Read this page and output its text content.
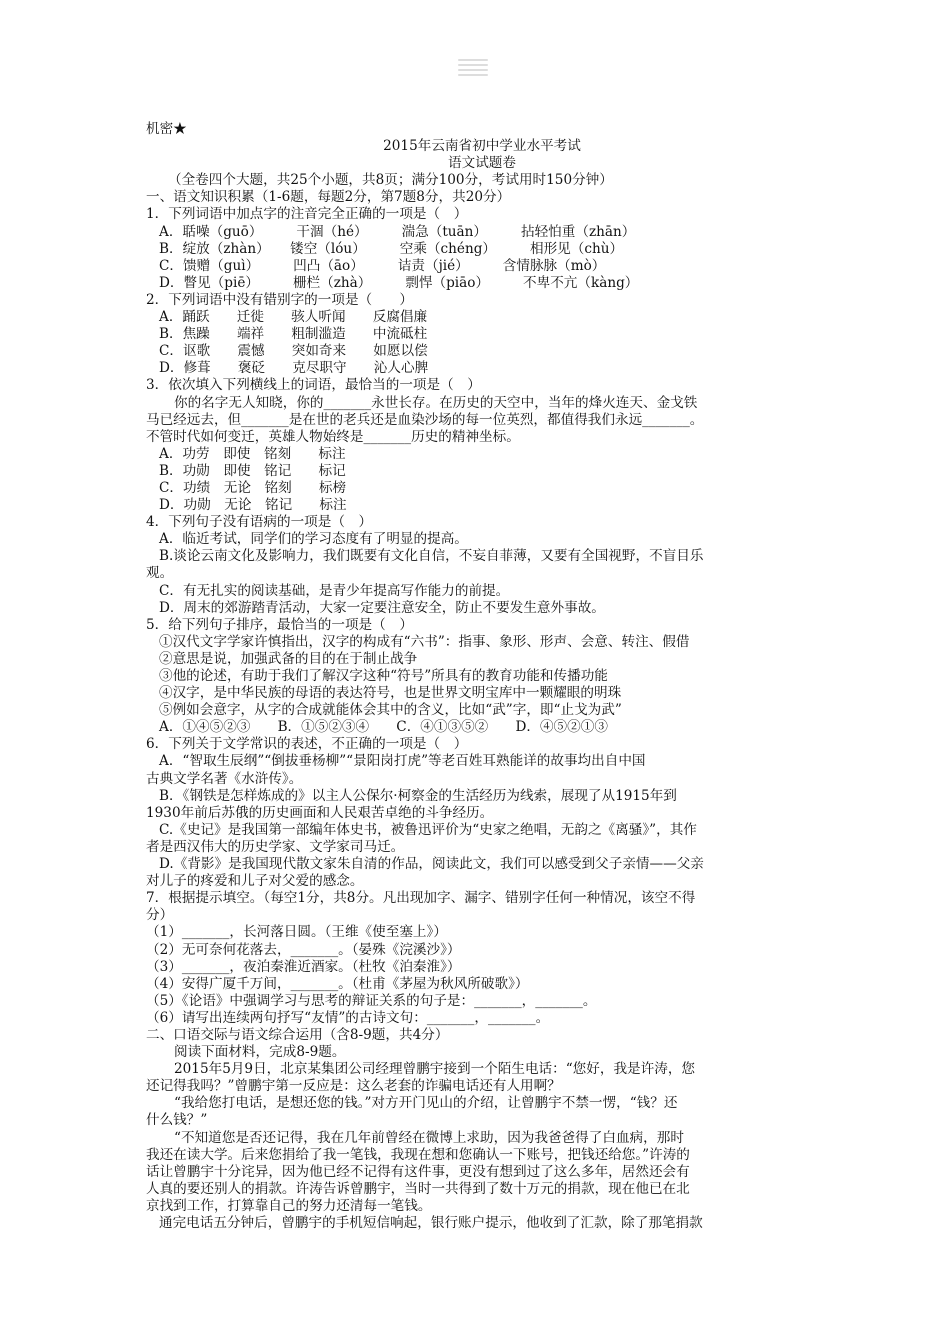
机密★
2015年云南省初中学业水平考试
语文试题卷
（全卷四个大题，共25个小题，共8页；满分100分，考试用时150分钟）
一、语文知识积累（1-6题，每题2分，第7题8分，共20分）
1．下列词语中加点字的注音完全正确的一项是（　）
A．聒噪（guō）　　　干涸（hé）　　　湍急（tuān）　　　拈轻怕重（zhān）
B．绽放（zhàn）　　镂空（lóu）　　　空乘（chéng）　　　相形见（chù）
C．馈赠（guì）　　　凹凸（āo）　　　诘责（jié）　　　含情脉脉（mò）
D．瞥见（piē）　　　栅栏（zhà）　　　剽悍（piāo）　　　不卑不亢（kàng）
2．下列词语中没有错别字的一项是（　　）
A．踊跃　　迁徙　　骇人听闻　　反腐倡廉
B．焦躁　　端祥　　粗制滥造　　中流砥柱
C．讴歌　　震憾　　突如奇来　　如愿以偿
D．修葺　　褒砭　　克尽职守　　沁人心脾
3．依次填入下列横线上的词语，最恰当的一项是（　）
你的名字无人知晓，你的_______永世长存。在历史的天空中，当年的烽火连天、金戈铁
马已经远去，但_______是在世的老兵还是血染沙场的每一位英烈，都值得我们永远_______。
不管时代如何变迁，英雄人物始终是_______历史的精神坐标。
A．功劳　即使　铭刻　　标注
B．功勋　即使　铭记　　标记
C．功绩　无论　铭刻　　标榜
D．功勋　无论　铭记　　标注
4．下列句子没有语病的一项是（　）
A．临近考试，同学们的学习态度有了明显的提高。
B.谈论云南文化及影响力，我们既要有文化自信，不妄自菲薄，又要有全国视野，不盲目乐
观。
C．有无扎实的阅读基础，是青少年提高写作能力的前提。
D．周末的郊游踏青活动，大家一定要注意安全，防止不要发生意外事故。
5．给下列句子排序，最恰当的一项是（　）
①汉代文字学家许慎指出，汉字的构成有“六书”：指事、象形、形声、会意、转注、假借
②意思是说，加强武备的目的在于制止战争
③他的论述，有助于我们了解汉字这种“符号”所具有的教育功能和传播功能
④汉字，是中华民族的母语的表达符号，也是世界文明宝库中一颗耀眼的明珠
⑤例如会意字，从字的合成就能体会其中的含义，比如“武”字，即“止戈为武”
A．①④⑤②③　　B．①⑤②③④　　C．④①③⑤②　　D．④⑤②①③
6．下列关于文学常识的表述，不正确的一项是（　）
A．“智取生辰纲”“倒拔垂杨柳”“景阳岗打虎”等老百姓耳熟能详的故事均出自中国
古典文学名著《水浒传》。
B．《钢铁是怎样炼成的》以主人公保尔·柯察金的生活经历为线索，展现了从1915年到
1930年前后苏俄的历史画面和人民艰苦卓绝的斗争经历。
C.《史记》是我国第一部编年体史书，被鲁迅评价为“史家之绝唱，无韵之《离骚》”，其作
者是西汉伟大的历史学家、文学家司马迁。
D.《背影》是我国现代散文家朱自清的作品，阅读此文，我们可以感受到父子亲情——父亲
对儿子的疼爱和儿子对父爱的感念。
7．根据提示填空。（每空1分，共8分。凡出现加字、漏字、错别字任何一种情况，该空不得
分）
（1）_______，长河落日圆。（王维《使至塞上》）
（2）无可奈何花落去，_______。（晏殊《浣溪沙》）
（3）_______，夜泊秦淮近酒家。（杜牧《泊秦淮》）
（4）安得广厦千万间，_______。（杜甫《茅屋为秋风所破歌》）
（5）《论语》中强调学习与思考的辩证关系的句子是：_______，_______。
（6）请写出连续两句抒写“友情”的古诗文句：_______，_______。
二、口语交际与语文综合运用（含8-9题，共4分）
阅读下面材料，完成8-9题。
2015年5月9日，北京某集团公司经理曾鹏宇接到一个陌生电话：“您好，我是许涛，您
还记得我吗？”曾鹏宇第一反应是：这么老套的诈骗电话还有人用啊？
“我给您打电话，是想还您的钱。”对方开门见山的介绍，让曾鹏宇不禁一愣，“钱？还
什么钱？”
“不知道您是否还记得，我在几年前曾经在微博上求助，因为我爸爸得了白血病，那时
我还在读大学。后来您捐给了我一笔钱，我现在想和您确认一下账号，把钱还给您。”许涛的
话让曾鹏宇十分诧异，因为他已经不记得有这件事，更没有想到过了这么多年，居然还会有
人真的要还别人的捐款。许涛告诉曾鹏宇，当时一共得到了数十万元的捐款，现在他已在北
京找到工作，打算靠自己的努力还清每一笔钱。
通完电话五分钟后，曾鹏宇的手机短信响起，银行账户提示，他收到了汇款，除了那笔捐款
